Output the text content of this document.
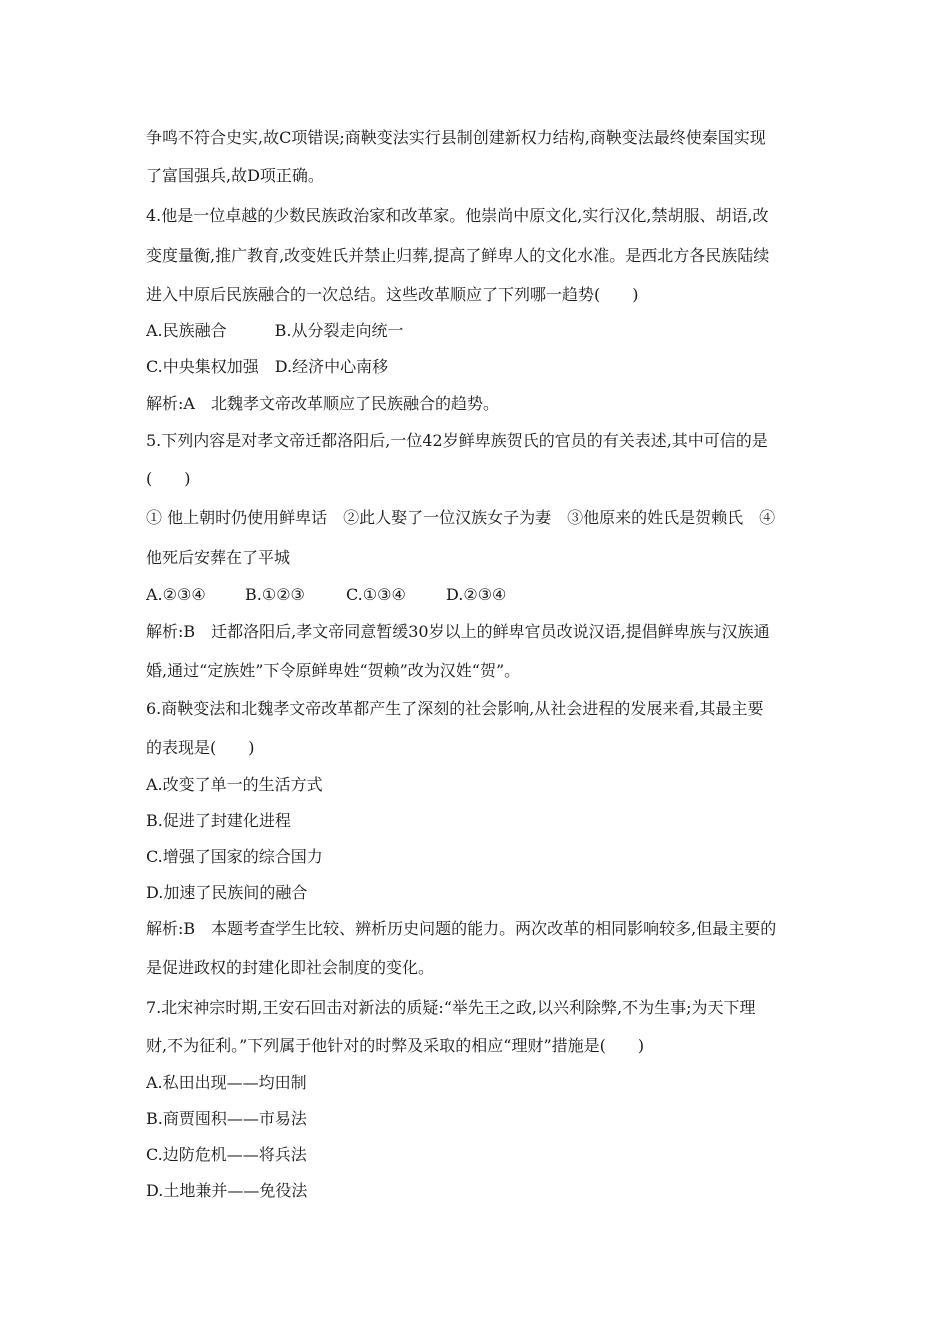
争鸣不符合史实,故C项错误;商鞅变法实行县制创建新权力结构,商鞅变法最终使秦国实现
了富国强兵,故D项正确。
4.他是一位卓越的少数民族政治家和改革家。他崇尚中原文化,实行汉化,禁胡服、胡语,改
变度量衡,推广教育,改变姓氏并禁止归葬,提高了鲜卑人的文化水准。是西北方各民族陆续
进入中原后民族融合的一次总结。这些改革顺应了下列哪一趋势(　　)
A.民族融合　　　B.从分裂走向统一
C.中央集权加强　D.经济中心南移
解析:A　北魏孝文帝改革顺应了民族融合的趋势。
5.下列内容是对孝文帝迁都洛阳后,一位42岁鲜卑族贺氏的官员的有关表述,其中可信的是
(　　)
① 他上朝时仍使用鲜卑话　②此人娶了一位汉族女子为妻　③他原来的姓氏是贺赖氏　④
他死后安葬在了平城
A.②③④ B.①②③	C.①③④	D.②③④
解析:B　迁都洛阳后,孝文帝同意暂缓30岁以上的鲜卑官员改说汉语,提倡鲜卑族与汉族通
婚,通过“定族姓”下令原鲜卑姓“贺赖”改为汉姓“贺”。
6.商鞅变法和北魏孝文帝改革都产生了深刻的社会影响,从社会进程的发展来看,其最主要
的表现是(　　)
A.改变了单一的生活方式
B.促进了封建化进程
C.增强了国家的综合国力
D.加速了民族间的融合
解析:B　本题考查学生比较、辨析历史问题的能力。两次改革的相同影响较多,但最主要的
是促进政权的封建化即社会制度的变化。
7.北宋神宗时期,王安石回击对新法的质疑:“举先王之政,以兴利除弊,不为生事;为天下理
财,不为征利。”下列属于他针对的时弊及采取的相应“理财”措施是(　　)
A.私田出现——均田制
B.商贾囤积——市易法
C.边防危机——将兵法
D.土地兼并——免役法
